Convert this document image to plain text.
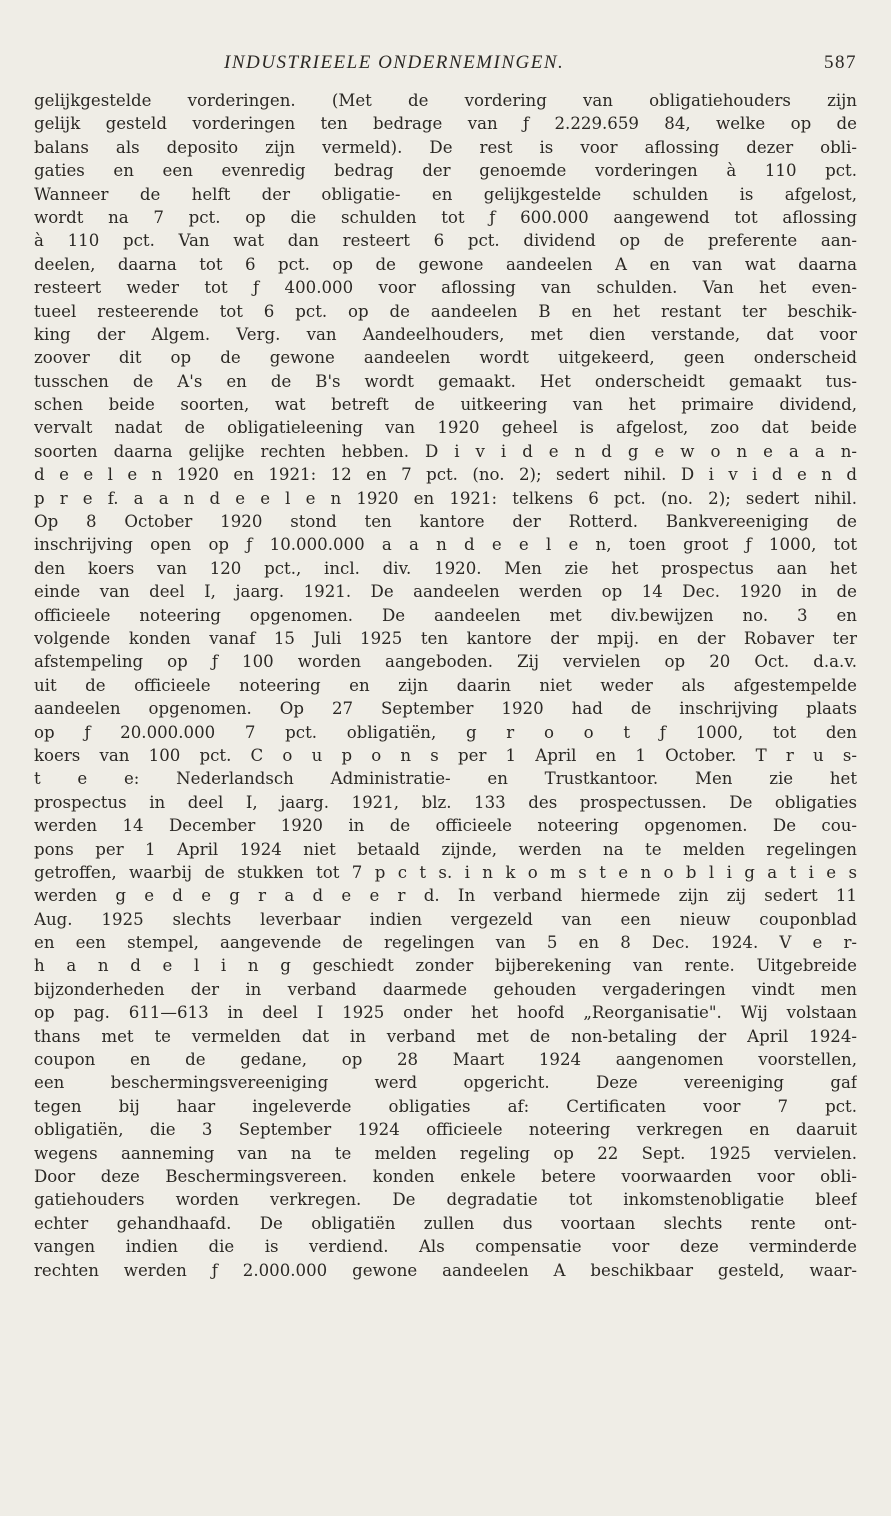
INDUSTRIEELE ONDERNEMINGEN.	587
gelijkgestelde vorderingen. (Met de vordering van obligatiehouders zijn
gelijk gesteld vorderingen ten bedrage van ƒ 2.229.659 84, welke op de
balans als deposito zijn vermeld). De rest is voor aflossing dezer obli-
gaties en een evenredig bedrag der genoemde vorderingen à 110 pct.
Wanneer de helft der obligatie- en gelijkgestelde schulden is afgelost,
wordt na 7 pct. op die schulden tot ƒ 600.000 aangewend tot aflossing
à 110 pct. Van wat dan resteert 6 pct. dividend op de preferente aan-
deelen, daarna tot 6 pct. op de gewone aandeelen A en van wat daarna
resteert weder tot ƒ 400.000 voor aflossing van schulden. Van het even-
tueel resteerende tot 6 pct. op de aandeelen B en het restant ter beschik-
king der Algem. Verg. van Aandeelhouders, met dien verstande, dat voor
zoover dit op de gewone aandeelen wordt uitgekeerd, geen onderscheid
tusschen de A's en de B's wordt gemaakt. Het onderscheidt gemaakt tus-
schen beide soorten, wat betreft de uitkeering van het primaire dividend,
vervalt nadat de obligatieleening van 1920 geheel is afgelost, zoo dat beide
soorten daarna gelijke rechten hebben. D i v i d e n d g e w o n e a a n-
d e e l e n 1920 en 1921: 12 en 7 pct. (no. 2); sedert nihil. D i v i d e n d
p r e f. a a n d e e l e n 1920 en 1921: telkens 6 pct. (no. 2); sedert nihil.
Op 8 October 1920 stond ten kantore der Rotterd. Bankvereeniging de
inschrijving open op ƒ 10.000.000 a a n d e e l e n, toen groot ƒ 1000, tot
den koers van 120 pct., incl. div. 1920. Men zie het prospectus aan het
einde van deel I, jaarg. 1921. De aandeelen werden op 14 Dec. 1920 in de
officieele noteering opgenomen. De aandeelen met div.bewijzen no. 3 en
volgende konden vanaf 15 Juli 1925 ten kantore der mpij. en der Robaver ter
afstempeling op ƒ 100 worden aangeboden. Zij vervielen op 20 Oct. d.a.v.
uit de officieele noteering en zijn daarin niet weder als afgestempelde
aandeelen opgenomen. Op 27 September 1920 had de inschrijving plaats
op ƒ 20.000.000 7 pct. obligatiën, g r o o t ƒ 1000, tot den
koers van 100 pct. C o u p o n s per 1 April en 1 October. T r u s-
t e e: Nederlandsch Administratie- en Trustkantoor. Men zie het
prospectus in deel I, jaarg. 1921, blz. 133 des prospectussen. De obligaties
werden 14 December 1920 in de officieele noteering opgenomen. De cou-
pons per 1 April 1924 niet betaald zijnde, werden na te melden regelingen
getroffen, waarbij de stukken tot 7 p c t s. i n k o m s t e n o b l i g a t i e s
werden g e d e g r a d e e r d. In verband hiermede zijn zij sedert 11
Aug. 1925 slechts leverbaar indien vergezeld van een nieuw couponblad
en een stempel, aangevende de regelingen van 5 en 8 Dec. 1924. V e r-
h a n d e l i n g geschiedt zonder bijberekening van rente. Uitgebreide
bijzonderheden der in verband daarmede gehouden vergaderingen vindt men
op pag. 611—613 in deel I 1925 onder het hoofd „Reorganisatie". Wij volstaan
thans met te vermelden dat in verband met de non-betaling der April 1924-
coupon en de gedane, op 28 Maart 1924 aangenomen voorstellen,
een beschermingsvereeniging werd opgericht. Deze vereeniging gaf
tegen bij haar ingeleverde obligaties af: Certificaten voor 7 pct.
obligatiën, die 3 September 1924 officieele noteering verkregen en daaruit
wegens aanneming van na te melden regeling op 22 Sept. 1925 vervielen.
Door deze Beschermingsvereen. konden enkele betere voorwaarden voor obli-
gatiehouders worden verkregen. De degradatie tot inkomstenobligatie bleef
echter gehandhaafd. De obligatiën zullen dus voortaan slechts rente ont-
vangen indien die is verdiend. Als compensatie voor deze verminderde
rechten werden ƒ 2.000.000 gewone aandeelen A beschikbaar gesteld, waar-
